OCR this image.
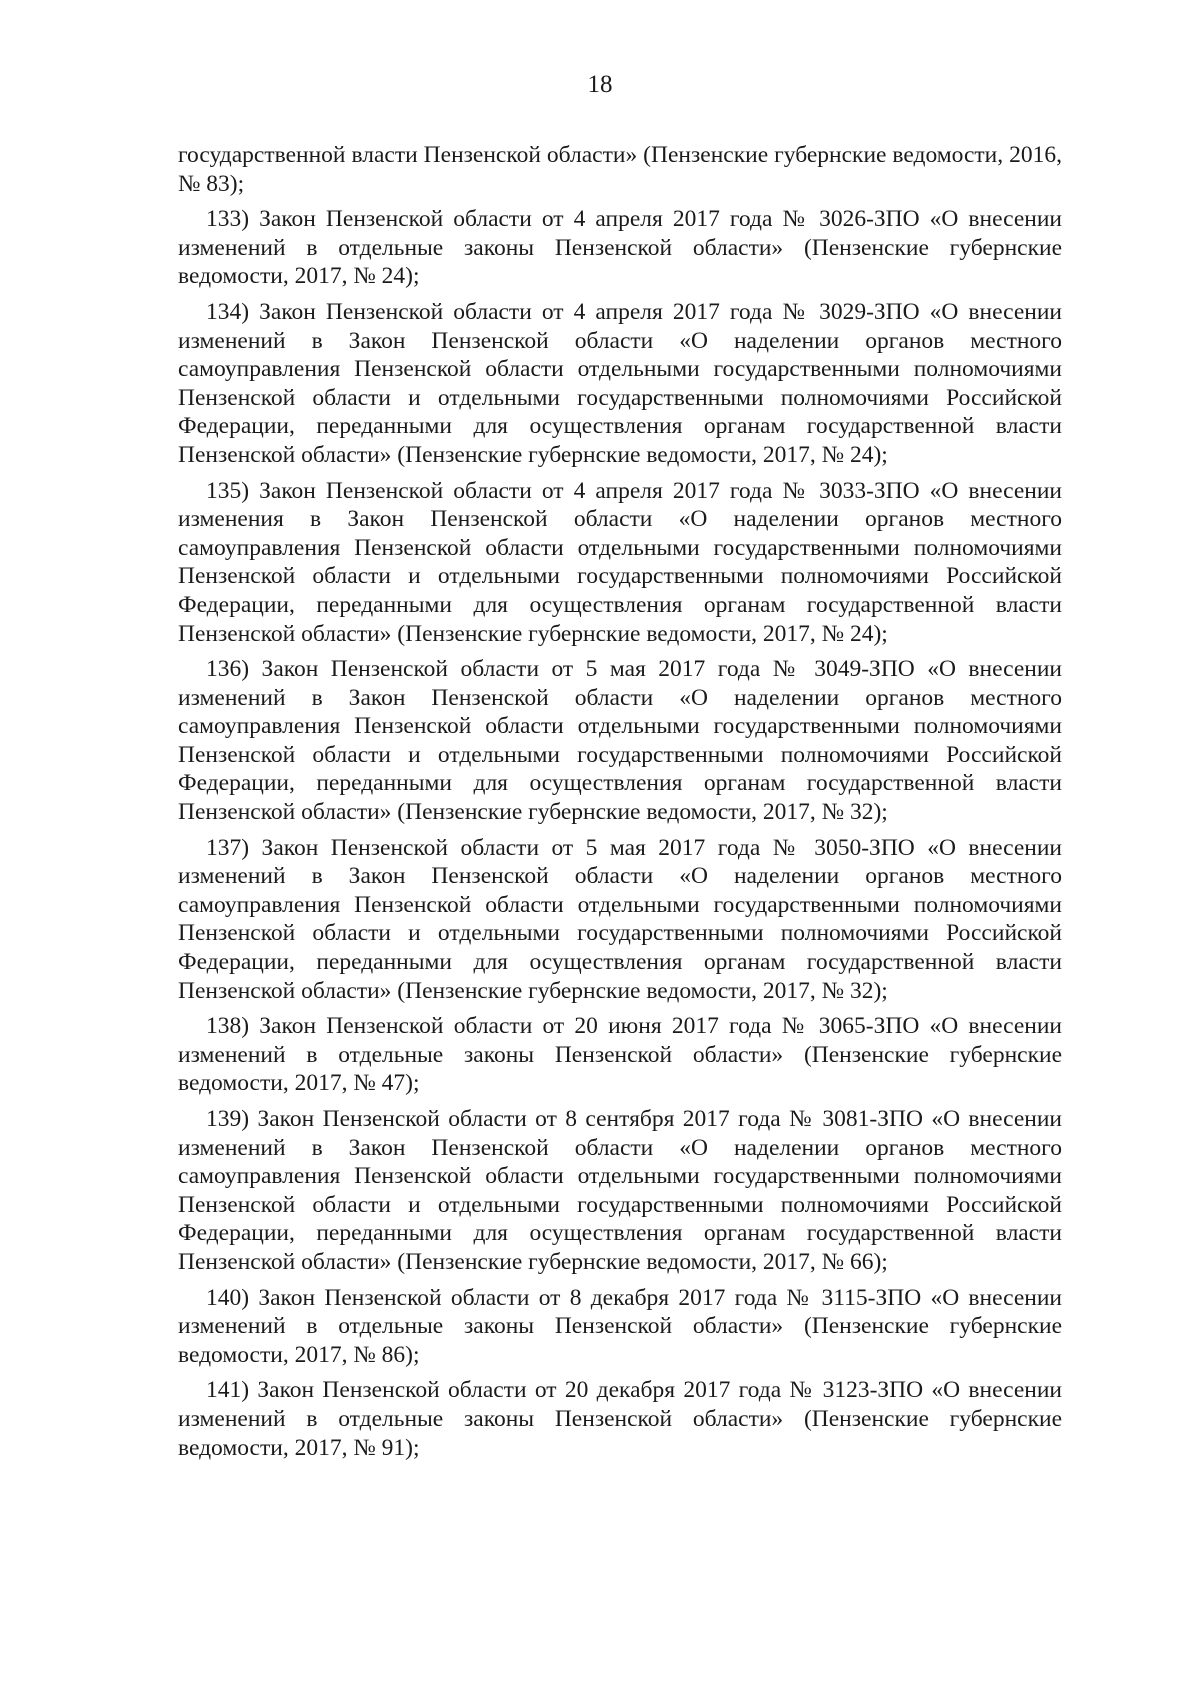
18

государственной власти Пензенской области» (Пензенские губернские ведомости, 2016, № 83);

133) Закон Пензенской области от 4 апреля 2017 года № 3026-ЗПО «О внесении изменений в отдельные законы Пензенской области» (Пензенские губернские ведомости, 2017, № 24);

134) Закон Пензенской области от 4 апреля 2017 года № 3029-ЗПО «О внесении изменений в Закон Пензенской области «О наделении органов местного самоуправления Пензенской области отдельными государственными полномочиями Пензенской области и отдельными государственными полномочиями Российской Федерации, переданными для осуществления органам государственной власти Пензенской области» (Пензенские губернские ведомости, 2017, № 24);

135) Закон Пензенской области от 4 апреля 2017 года № 3033-ЗПО «О внесении изменения в Закон Пензенской области «О наделении органов местного самоуправления Пензенской области отдельными государственными полномочиями Пензенской области и отдельными государственными полномочиями Российской Федерации, переданными для осуществления органам государственной власти Пензенской области» (Пензенские губернские ведомости, 2017, № 24);

136) Закон Пензенской области от 5 мая 2017 года № 3049-ЗПО «О внесении изменений в Закон Пензенской области «О наделении органов местного самоуправления Пензенской области отдельными государственными полномочиями Пензенской области и отдельными государственными полномочиями Российской Федерации, переданными для осуществления органам государственной власти Пензенской области» (Пензенские губернские ведомости, 2017, № 32);

137) Закон Пензенской области от 5 мая 2017 года № 3050-ЗПО «О внесении изменений в Закон Пензенской области «О наделении органов местного самоуправления Пензенской области отдельными государственными полномочиями Пензенской области и отдельными государственными полномочиями Российской Федерации, переданными для осуществления органам государственной власти Пензенской области» (Пензенские губернские ведомости, 2017, № 32);

138) Закон Пензенской области от 20 июня 2017 года № 3065-ЗПО «О внесении изменений в отдельные законы Пензенской области» (Пензенские губернские ведомости, 2017, № 47);

139) Закон Пензенской области от 8 сентября 2017 года № 3081-ЗПО «О внесении изменений в Закон Пензенской области «О наделении органов местного самоуправления Пензенской области отдельными государственными полномочиями Пензенской области и отдельными государственными полномочиями Российской Федерации, переданными для осуществления органам государственной власти Пензенской области» (Пензенские губернские ведомости, 2017, № 66);

140) Закон Пензенской области от 8 декабря 2017 года № 3115-ЗПО «О внесении изменений в отдельные законы Пензенской области» (Пензенские губернские ведомости, 2017, № 86);

141) Закон Пензенской области от 20 декабря 2017 года № 3123-ЗПО «О внесении изменений в отдельные законы Пензенской области» (Пензенские губернские ведомости, 2017, № 91);
